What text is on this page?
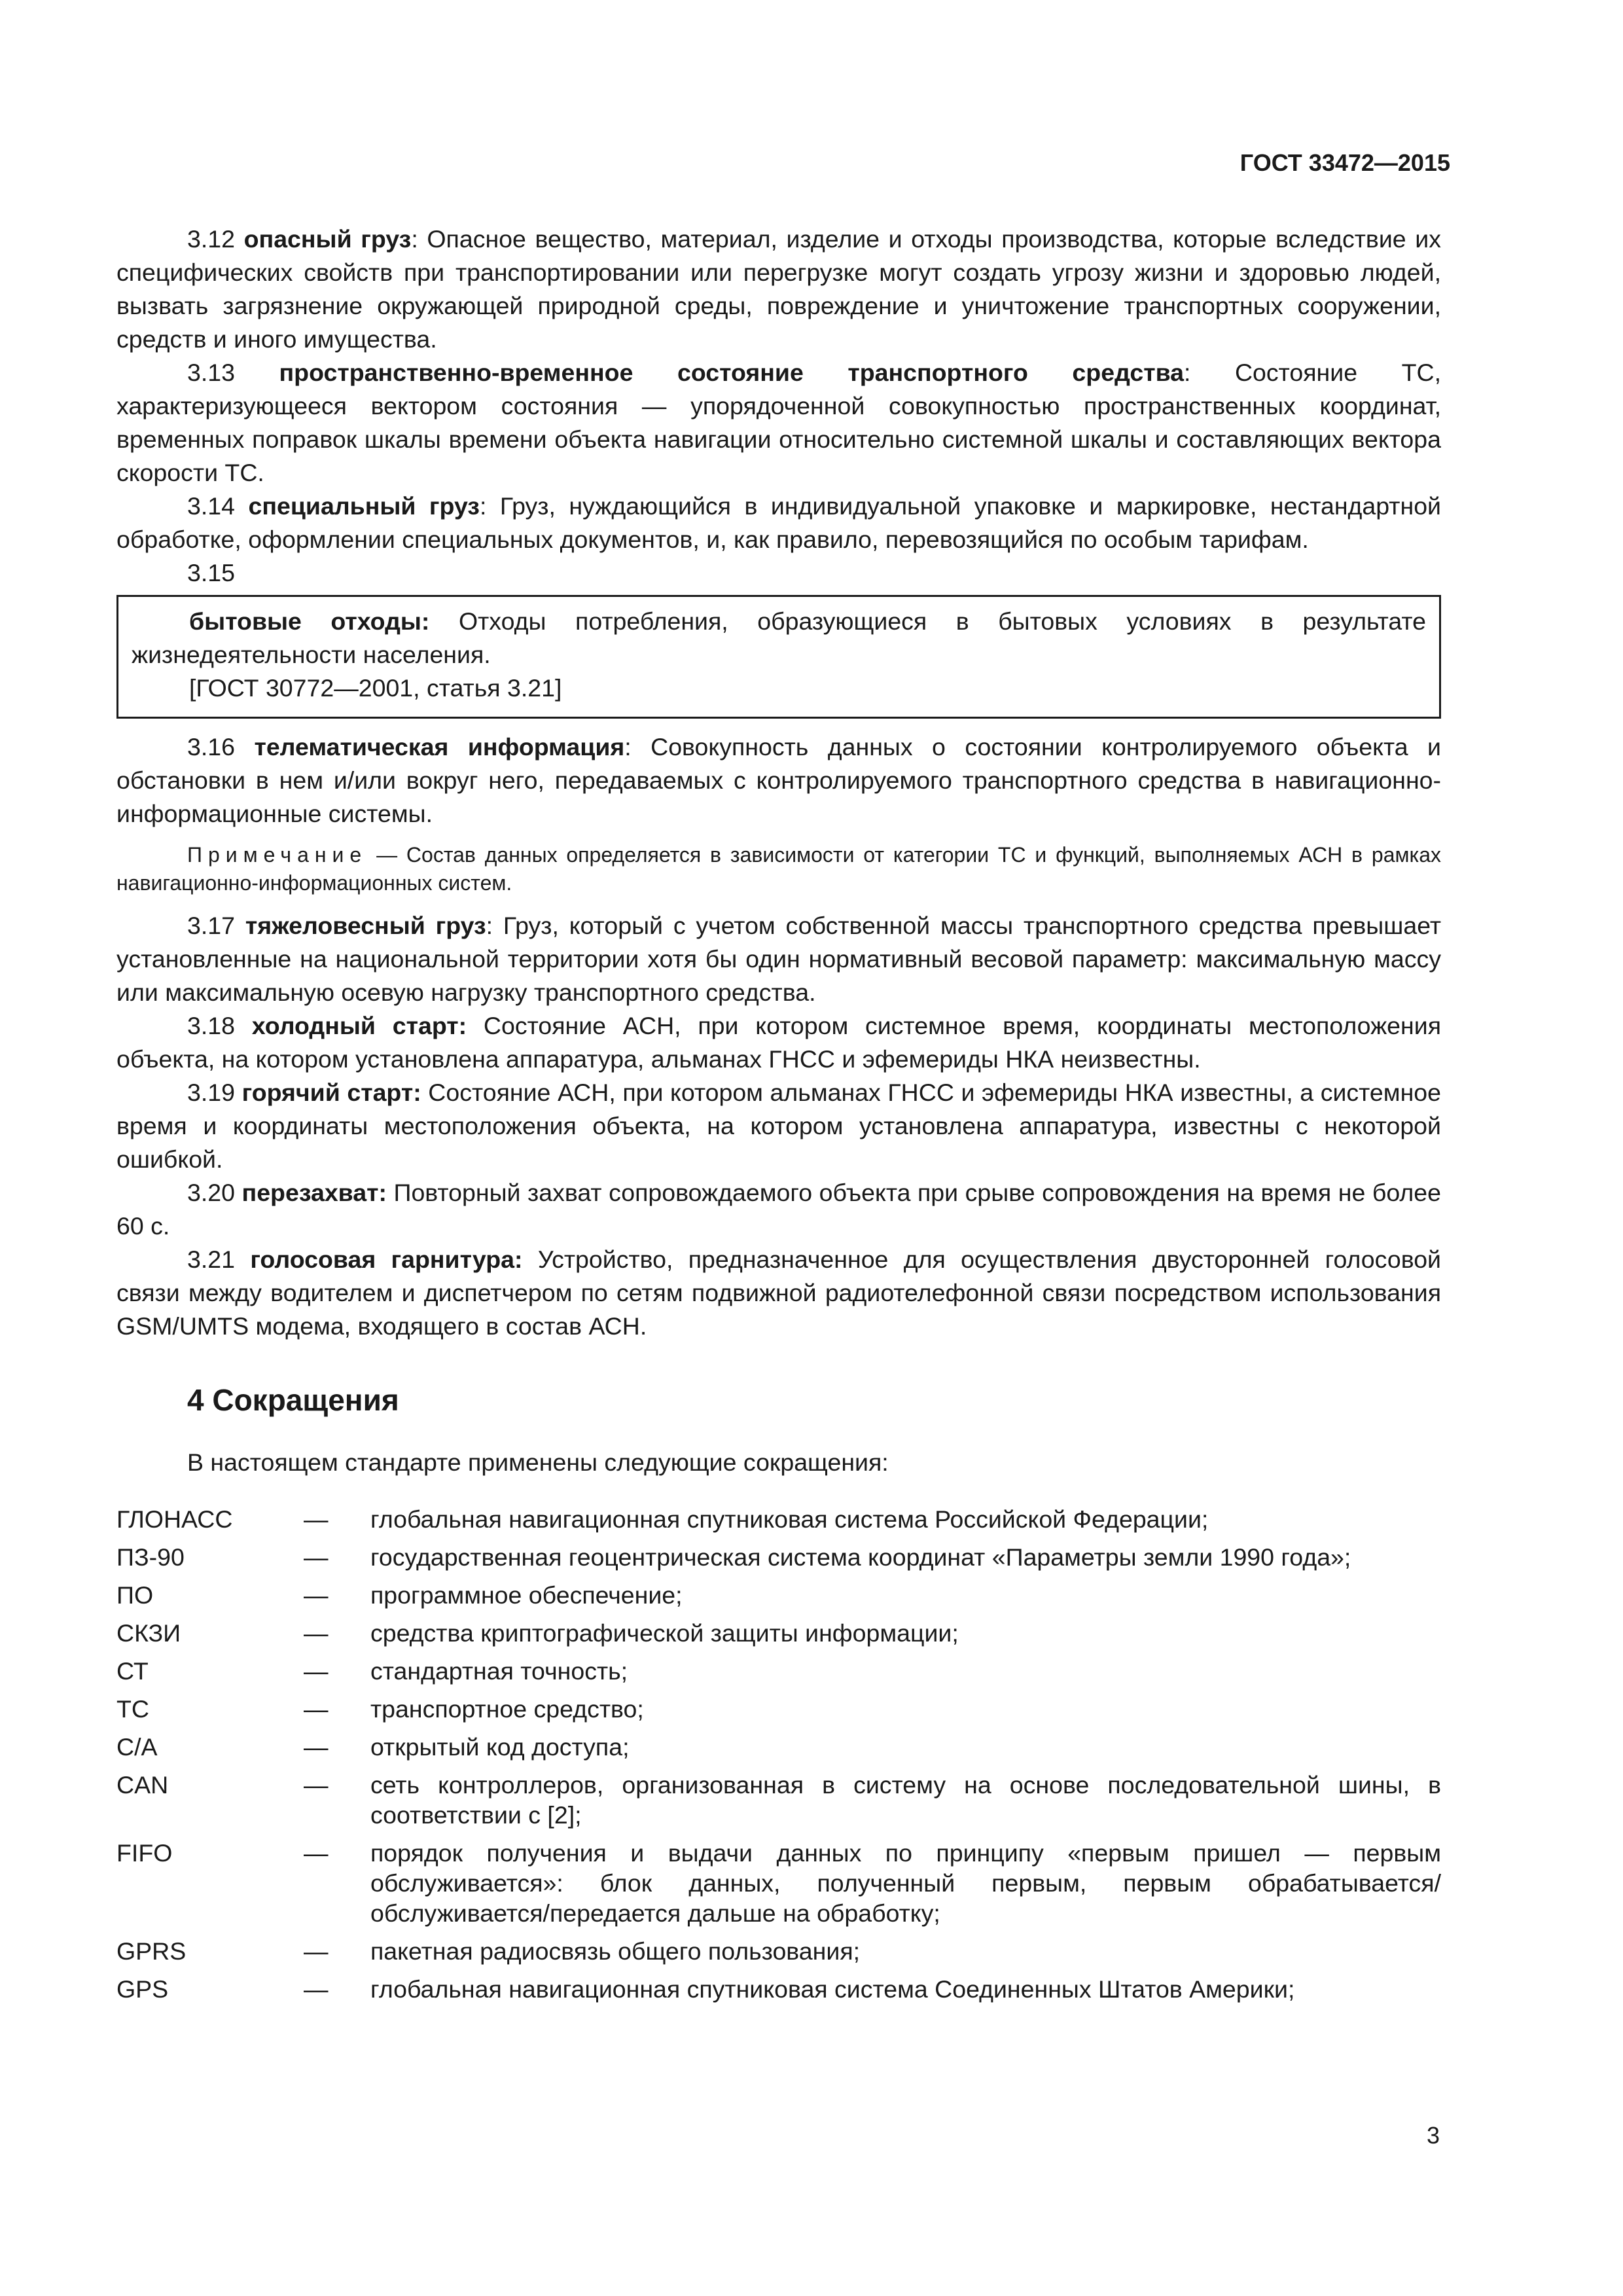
ГОСТ 33472—2015

3.12 опасный груз: Опасное вещество, материал, изделие и отходы производства, которые вследствие их специфических свойств при транспортировании или перегрузке могут создать угрозу жизни и здоровью людей, вызвать загрязнение окружающей природной среды, повреждение и уничтожение транспортных сооружении, средств и иного имущества.

3.13 пространственно-временное состояние транспортного средства: Состояние ТС, характеризующееся вектором состояния — упорядоченной совокупностью пространственных координат, временных поправок шкалы времени объекта навигации относительно системной шкалы и составляющих вектора скорости ТС.

3.14 специальный груз: Груз, нуждающийся в индивидуальной упаковке и маркировке, нестандартной обработке, оформлении специальных документов, и, как правило, перевозящийся по особым тарифам.

3.15

бытовые отходы: Отходы потребления, образующиеся в бытовых условиях в результате жизнедеятельности населения.

[ГОСТ 30772—2001, статья 3.21]

3.16 телематическая информация: Совокупность данных о состоянии контролируемого объекта и обстановки в нем и/или вокруг него, передаваемых с контролируемого транспортного средства в навигационно-информационные системы.

Примечание — Состав данных определяется в зависимости от категории ТС и функций, выполняемых АСН в рамках навигационно-информационных систем.

3.17 тяжеловесный груз: Груз, который с учетом собственной массы транспортного средства превышает установленные на национальной территории хотя бы один нормативный весовой параметр: максимальную массу или максимальную осевую нагрузку транспортного средства.

3.18 холодный старт: Состояние АСН, при котором системное время, координаты местоположения объекта, на котором установлена аппаратура, альманах ГНСС и эфемериды НКА неизвестны.

3.19 горячий старт: Состояние АСН, при котором альманах ГНСС и эфемериды НКА известны, а системное время и координаты местоположения объекта, на котором установлена аппаратура, известны с некоторой ошибкой.

3.20 перезахват: Повторный захват сопровождаемого объекта при срыве сопровождения на время не более 60 с.

3.21 голосовая гарнитура: Устройство, предназначенное для осуществления двусторонней голосовой связи между водителем и диспетчером по сетям подвижной радиотелефонной связи посредством использования GSM/UMTS модема, входящего в состав АСН.

4 Сокращения

В настоящем стандарте применены следующие сокращения:

ГЛОНАСС	—	глобальная навигационная спутниковая система Российской Федерации;
ПЗ-90	—	государственная геоцентрическая система координат «Параметры земли 1990 года»;
ПО	—	программное обеспечение;
СКЗИ	—	средства криптографической защиты информации;
СТ	—	стандартная точность;
ТС	—	транспортное средство;
C/A	—	открытый код доступа;
CAN	—	сеть контроллеров, организованная в систему на основе последовательной шины, в соответствии с [2];
FIFO	—	порядок получения и выдачи данных по принципу «первым пришел — первым обслуживается»: блок данных, полученный первым, первым обрабатывается/обслуживается/передается дальше на обработку;
GPRS	—	пакетная радиосвязь общего пользования;
GPS	—	глобальная навигационная спутниковая система Соединенных Штатов Америки;
3
